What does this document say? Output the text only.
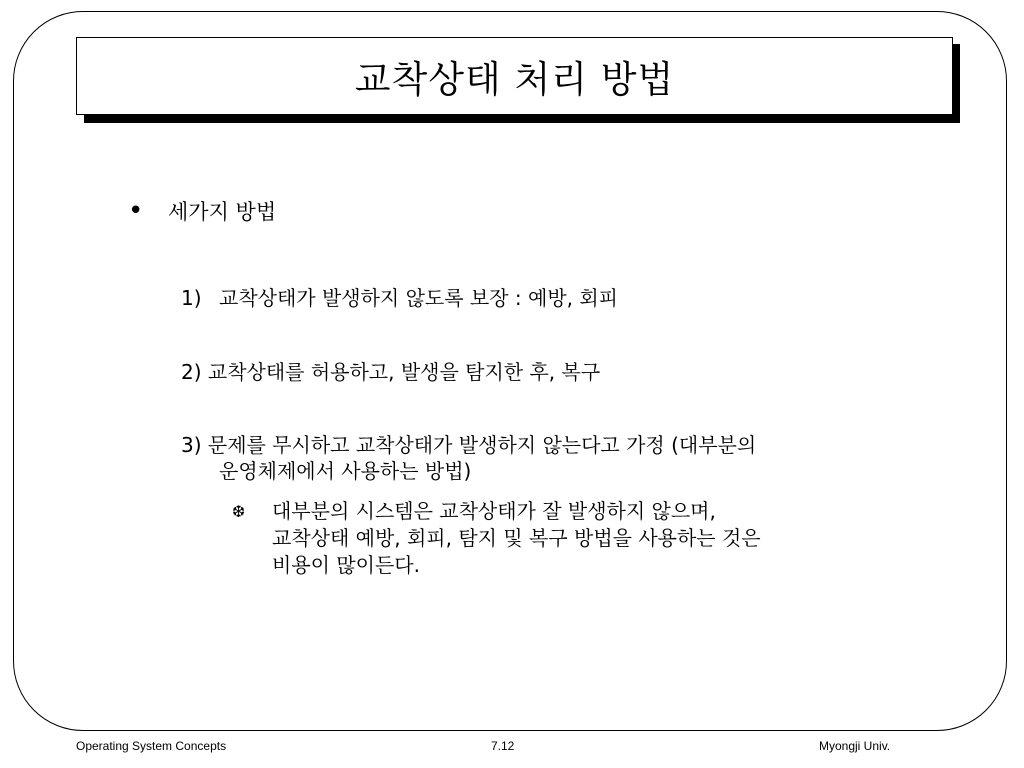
교착상태 처리 방법
•	세가지 방법
1) 교착상태가 발생하지 않도록 보장 : 예방, 회피
2) 교착상태를 허용하고, 발생을 탐지한 후, 복구
3) 문제를 무시하고 교착상태가 발생하지 않는다고 가정 (대부분의
운영체제에서 사용하는 방법)
❆	대부분의 시스템은 교착상태가 잘 발생하지 않으며,
교착상태 예방, 회피, 탐지 및 복구 방법을 사용하는 것은
비용이 많이든다.
Operating System Concepts	7.12	Myongji Univ.
